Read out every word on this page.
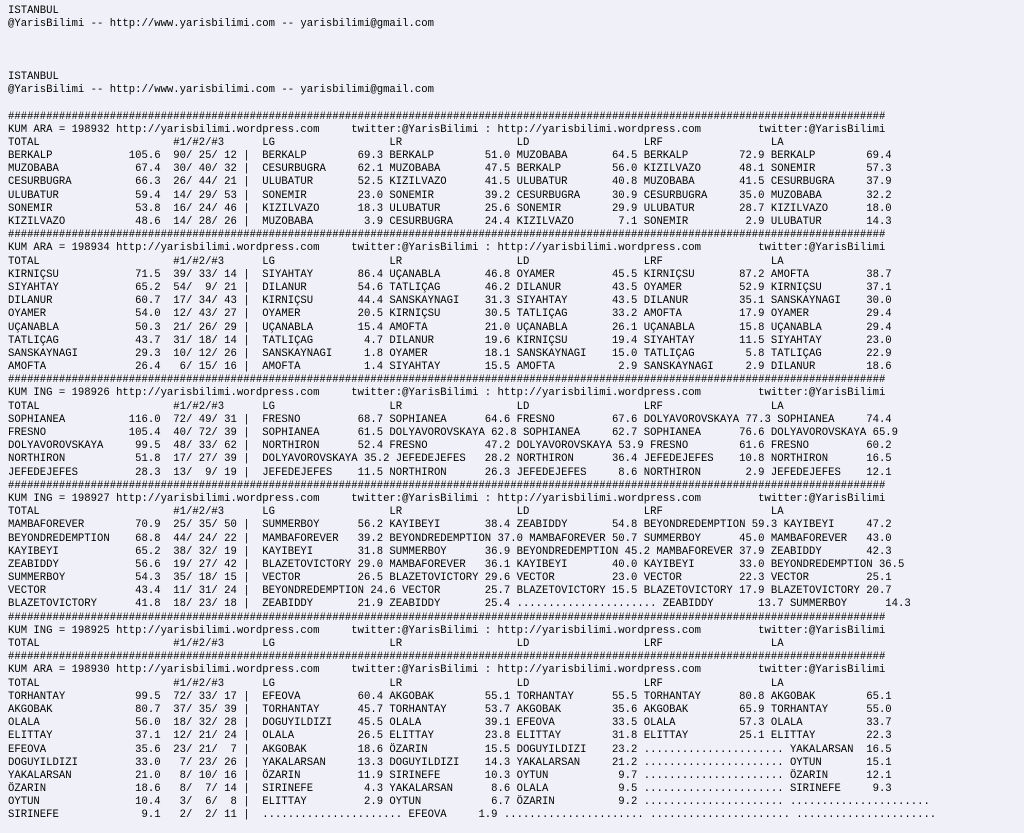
ISTANBUL
@YarisBilimi -- http://www.yarisbilimi.com -- yarisbilimi@gmail.com

ISTANBUL
@YarisBilimi -- http://www.yarisbilimi.com -- yarisbilimi@gmail.com

##########################################################################################################################################
KUM ARA = 198932 http://yarisbilimi.wordpress.com     twitter:@YarisBilimi : http://yarisbilimi.wordpress.com         twitter:@YarisBilimi
TOTAL                     #1/#2/#3      LG                  LR                  LD                  LRF                 LA
BERKALP            105.6  90/ 25/ 12 |  BERKALP        69.3 BERKALP        51.0 MUZOBABA       64.5 BERKALP        72.9 BERKALP        69.4
MUZOBABA            67.4  30/ 40/ 32 |  CESURBUGRA     62.1 MUZOBABA       47.5 BERKALP        56.0 KIZILVAZO      48.1 SONEMIR        57.3
CESURBUGRA          66.3  26/ 44/ 21 |  ULUBATUR       52.5 KIZILVAZO      41.5 ULUBATUR       40.8 MUZOBABA       41.5 CESURBUGRA     37.9
ULUBATUR            59.4  14/ 29/ 53 |  SONEMIR        23.0 SONEMIR        39.2 CESURBUGRA     30.9 CESURBUGRA     35.0 MUZOBABA       32.2
SONEMIR             53.8  16/ 24/ 46 |  KIZILVAZO      18.3 ULUBATUR       25.6 SONEMIR        29.9 ULUBATUR       28.7 KIZILVAZO      18.0
KIZILVAZO           48.6  14/ 28/ 26 |  MUZOBABA        3.9 CESURBUGRA     24.4 KIZILVAZO       7.1 SONEMIR         2.9 ULUBATUR       14.3
##########################################################################################################################################
KUM ARA = 198934 http://yarisbilimi.wordpress.com     twitter:@YarisBilimi : http://yarisbilimi.wordpress.com         twitter:@YarisBilimi
TOTAL                     #1/#2/#3      LG                  LR                  LD                  LRF                 LA
KIRNIÇSU            71.5  39/ 33/ 14 |  SIYAHTAY       86.4 UÇANABLA       46.8 OYAMER         45.5 KIRNIÇSU       87.2 AMOFTA         38.7
SIYAHTAY            65.2  54/  9/ 21 |  DILANUR        54.6 TATLIÇAG       46.2 DILANUR        43.5 OYAMER         52.9 KIRNIÇSU       37.1
DILANUR             60.7  17/ 34/ 43 |  KIRNIÇSU       44.4 SANSKAYNAGI    31.3 SIYAHTAY       43.5 DILANUR        35.1 SANSKAYNAGI    30.0
OYAMER              54.0  12/ 43/ 27 |  OYAMER         20.5 KIRNIÇSU       30.5 TATLIÇAG       33.2 AMOFTA         17.9 OYAMER         29.4
UÇANABLA            50.3  21/ 26/ 29 |  UÇANABLA       15.4 AMOFTA         21.0 UÇANABLA       26.1 UÇANABLA       15.8 UÇANABLA       29.4
TATLIÇAG            43.7  31/ 18/ 14 |  TATLIÇAG        4.7 DILANUR        19.6 KIRNIÇSU       19.4 SIYAHTAY       11.5 SIYAHTAY       23.0
SANSKAYNAGI         29.3  10/ 12/ 26 |  SANSKAYNAGI     1.8 OYAMER         18.1 SANSKAYNAGI    15.0 TATLIÇAG        5.8 TATLIÇAG       22.9
AMOFTA              26.4   6/ 15/ 16 |  AMOFTA          1.4 SIYAHTAY       15.5 AMOFTA          2.9 SANSKAYNAGI     2.9 DILANUR        18.6
##########################################################################################################################################
KUM ING = 198926 http://yarisbilimi.wordpress.com     twitter:@YarisBilimi : http://yarisbilimi.wordpress.com         twitter:@YarisBilimi
TOTAL                     #1/#2/#3      LG                  LR                  LD                  LRF                 LA
SOPHIANEA          116.0  72/ 49/ 31 |  FRESNO         68.7 SOPHIANEA      64.6 FRESNO         67.6 DOLYAVOROVSKAYA 77.3 SOPHIANEA     74.4
FRESNO             105.4  40/ 72/ 39 |  SOPHIANEA      61.5 DOLYAVOROVSKAYA 62.8 SOPHIANEA     62.7 SOPHIANEA      76.6 DOLYAVOROVSKAYA 65.9
DOLYAVOROVSKAYA     99.5  48/ 33/ 62 |  NORTHIRON      52.4 FRESNO         47.2 DOLYAVOROVSKAYA 53.9 FRESNO        61.6 FRESNO         60.2
NORTHIRON           51.8  17/ 27/ 39 |  DOLYAVOROVSKAYA 35.2 JEFEDEJEFES   28.2 NORTHIRON      36.4 JEFEDEJEFES    10.8 NORTHIRON      16.5
JEFEDEJEFES         28.3  13/  9/ 19 |  JEFEDEJEFES    11.5 NORTHIRON      26.3 JEFEDEJEFES     8.6 NORTHIRON       2.9 JEFEDEJEFES    12.1
##########################################################################################################################################
KUM ING = 198927 http://yarisbilimi.wordpress.com     twitter:@YarisBilimi : http://yarisbilimi.wordpress.com         twitter:@YarisBilimi
TOTAL                     #1/#2/#3      LG                  LR                  LD                  LRF                 LA
MAMBAFOREVER        70.9  25/ 35/ 50 |  SUMMERBOY      56.2 KAYIBEYI       38.4 ZEABIDDY       54.8 BEYONDREDEMPTION 59.3 KAYIBEYI     47.2
BEYONDREDEMPTION    68.8  44/ 24/ 22 |  MAMBAFOREVER   39.2 BEYONDREDEMPTION 37.0 MAMBAFOREVER 50.7 SUMMERBOY      45.0 MAMBAFOREVER   43.0
KAYIBEYI            65.2  38/ 32/ 19 |  KAYIBEYI       31.8 SUMMERBOY      36.9 BEYONDREDEMPTION 45.2 MAMBAFOREVER 37.9 ZEABIDDY       42.3
ZEABIDDY            56.6  19/ 27/ 42 |  BLAZETOVICTORY 29.0 MAMBAFOREVER   36.1 KAYIBEYI       40.0 KAYIBEYI       33.0 BEYONDREDEMPTION 36.5
SUMMERBOY           54.3  35/ 18/ 15 |  VECTOR         26.5 BLAZETOVICTORY 29.6 VECTOR         23.0 VECTOR         22.3 VECTOR         25.1
VECTOR              43.4  11/ 31/ 24 |  BEYONDREDEMPTION 24.6 VECTOR       25.7 BLAZETOVICTORY 15.5 BLAZETOVICTORY 17.9 BLAZETOVICTORY 20.7
BLAZETOVICTORY      41.8  18/ 23/ 18 |  ZEABIDDY       21.9 ZEABIDDY       25.4 ...................... ZEABIDDY       13.7 SUMMERBOY      14.3
##########################################################################################################################################
KUM ING = 198925 http://yarisbilimi.wordpress.com     twitter:@YarisBilimi : http://yarisbilimi.wordpress.com         twitter:@YarisBilimi
TOTAL                     #1/#2/#3      LG                  LR                  LD                  LRF                 LA
##########################################################################################################################################
KUM ARA = 198930 http://yarisbilimi.wordpress.com     twitter:@YarisBilimi : http://yarisbilimi.wordpress.com         twitter:@YarisBilimi
TOTAL                     #1/#2/#3      LG                  LR                  LD                  LRF                 LA
TORHANTAY           99.5  72/ 33/ 17 |  EFEOVA         60.4 AKGOBAK        55.1 TORHANTAY      55.5 TORHANTAY      80.8 AKGOBAK        65.1
AKGOBAK             80.7  37/ 35/ 39 |  TORHANTAY      45.7 TORHANTAY      53.7 AKGOBAK        35.6 AKGOBAK        65.9 TORHANTAY      55.0
OLALA               56.0  18/ 32/ 28 |  DOGUYILDIZI    45.5 OLALA          39.1 EFEOVA         33.5 OLALA          57.3 OLALA          33.7
ELITTAY             37.1  12/ 21/ 24 |  OLALA          26.5 ELITTAY        23.8 ELITTAY        31.8 ELITTAY        25.1 ELITTAY        22.3
EFEOVA              35.6  23/ 21/  7 |  AKGOBAK        18.6 ÖZARIN         15.5 DOGUYILDIZI    23.2 ...................... YAKALARSAN  16.5
DOGUYILDIZI         33.0   7/ 23/ 26 |  YAKALARSAN     13.3 DOGUYILDIZI    14.3 YAKALARSAN     21.2 ...................... OYTUN       15.1
YAKALARSAN          21.0   8/ 10/ 16 |  ÖZARIN         11.9 SIRINEFE       10.3 OYTUN           9.7 ...................... ÖZARIN      12.1
ÖZARIN              18.6   8/  7/ 14 |  SIRINEFE        4.3 YAKALARSAN      8.6 OLALA           9.5 ...................... SIRINEFE     9.3
OYTUN               10.4   3/  6/  8 |  ELITTAY         2.9 OYTUN           6.7 ÖZARIN          9.2 ...................... ......................
SIRINEFE             9.1   2/  2/ 11 |  ...................... EFEOVA     1.9 ...................... ...................... ......................
